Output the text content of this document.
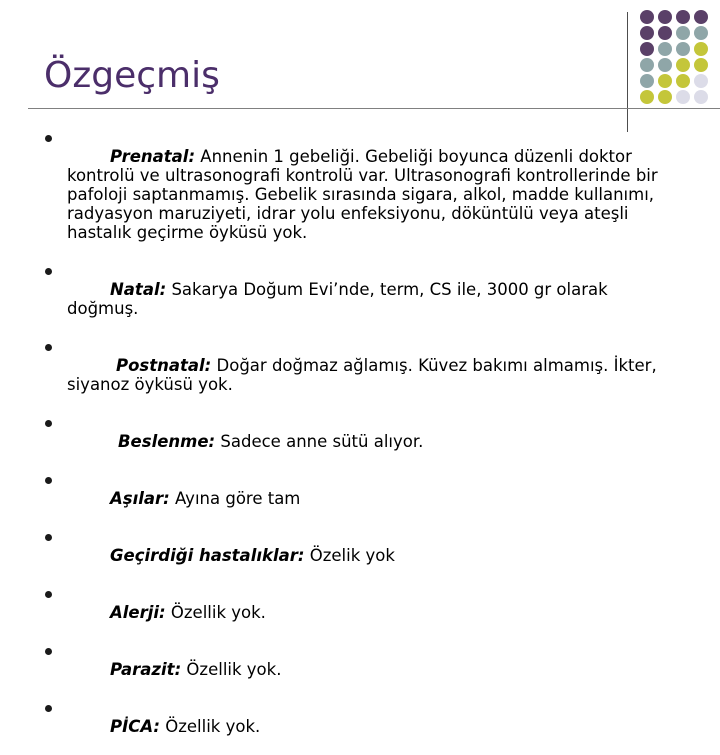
Özgeçmiş

Prenatal: Annenin 1 gebeliği. Gebeliği boyunca düzenli doktor kontrolü ve ultrasonografi kontrolü var. Ultrasonografi kontrollerinde bir pafoloji saptanmamış. Gebelik sırasında sigara, alkol, madde kullanımı, radyasyon maruziyeti, idrar yolu enfeksiyonu, döküntülü veya ateşli hastalık geçirme öyküsü yok.

Natal: Sakarya Doğum Evi’nde, term, CS ile, 3000 gr olarak doğmuş.

Postnatal: Doğar doğmaz ağlamış. Küvez bakımı almamış. İkter, siyanoz öyküsü yok.

Beslenme: Sadece anne sütü alıyor.

Aşılar: Ayına göre tam

Geçirdiği hastalıklar: Özelik yok

Alerji: Özellik yok.

Parazit: Özellik yok.

PİCA: Özellik yok.
